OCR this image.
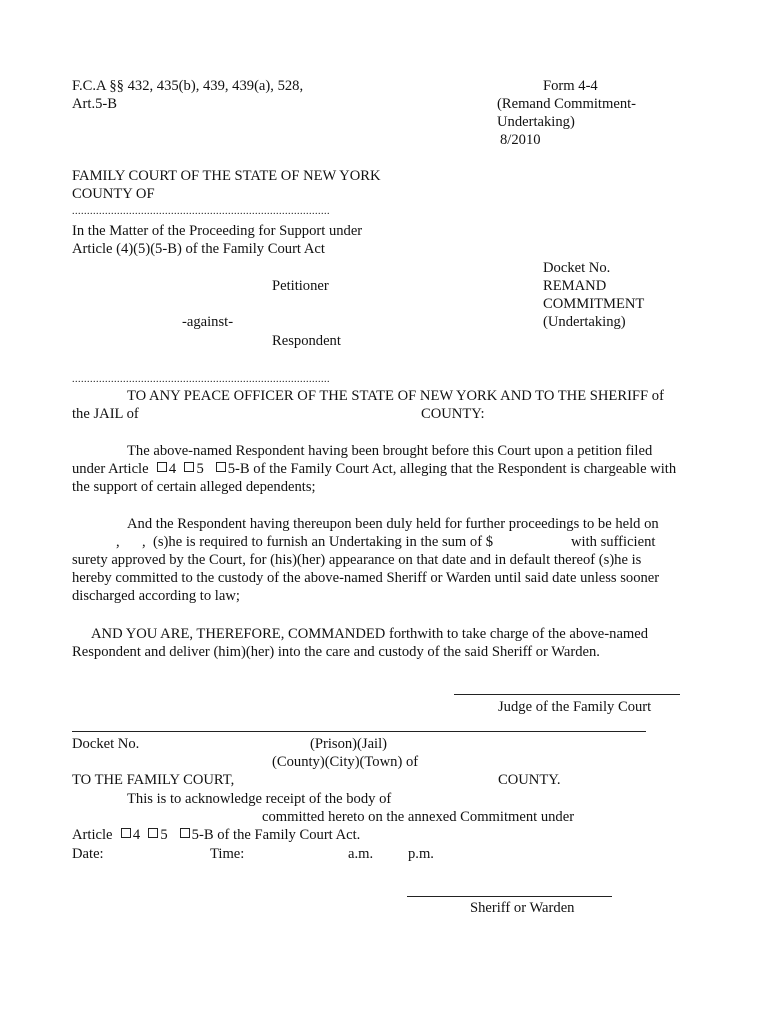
F.C.A §§ 432, 435(b), 439, 439(a), 528,
Art.5-B
Form 4-4
(Remand Commitment-
Undertaking)
8/2010
FAMILY COURT OF THE STATE OF NEW YORK
COUNTY OF
......................................................................................
In the Matter of the Proceeding for Support under
Article (4)(5)(5-B) of the Family Court Act
Docket No.
Petitioner	REMAND
COMMITMENT
-against-	(Undertaking)
Respondent
......................................................................................
TO ANY PEACE OFFICER OF THE STATE OF NEW YORK AND TO THE SHERIFF of
the JAIL of	COUNTY:
The above-named Respondent having been brought before this Court upon a petition filed
under Article 4 5 5-B of the Family Court Act, alleging that the Respondent is chargeable with
the support of certain alleged dependents;
And the Respondent having thereupon been duly held for further proceedings to be held on
, , (s)he is required to furnish an Undertaking in the sum of $	with sufficient
surety approved by the Court, for (his)(her) appearance on that date and in default thereof (s)he is
hereby committed to the custody of the above-named Sheriff or Warden until said date unless sooner
discharged according to law;
AND YOU ARE, THEREFORE, COMMANDED forthwith to take charge of the above-named
Respondent and deliver (him)(her) into the care and custody of the said Sheriff or Warden.
Judge of the Family Court
Docket No.	(Prison)(Jail)
(County)(City)(Town) of
TO THE FAMILY COURT,	COUNTY.
This is to acknowledge receipt of the body of
committed hereto on the annexed Commitment under
Article 4 5 5-B of the Family Court Act.
Date:	Time:	a.m. p.m.
Sheriff or Warden
